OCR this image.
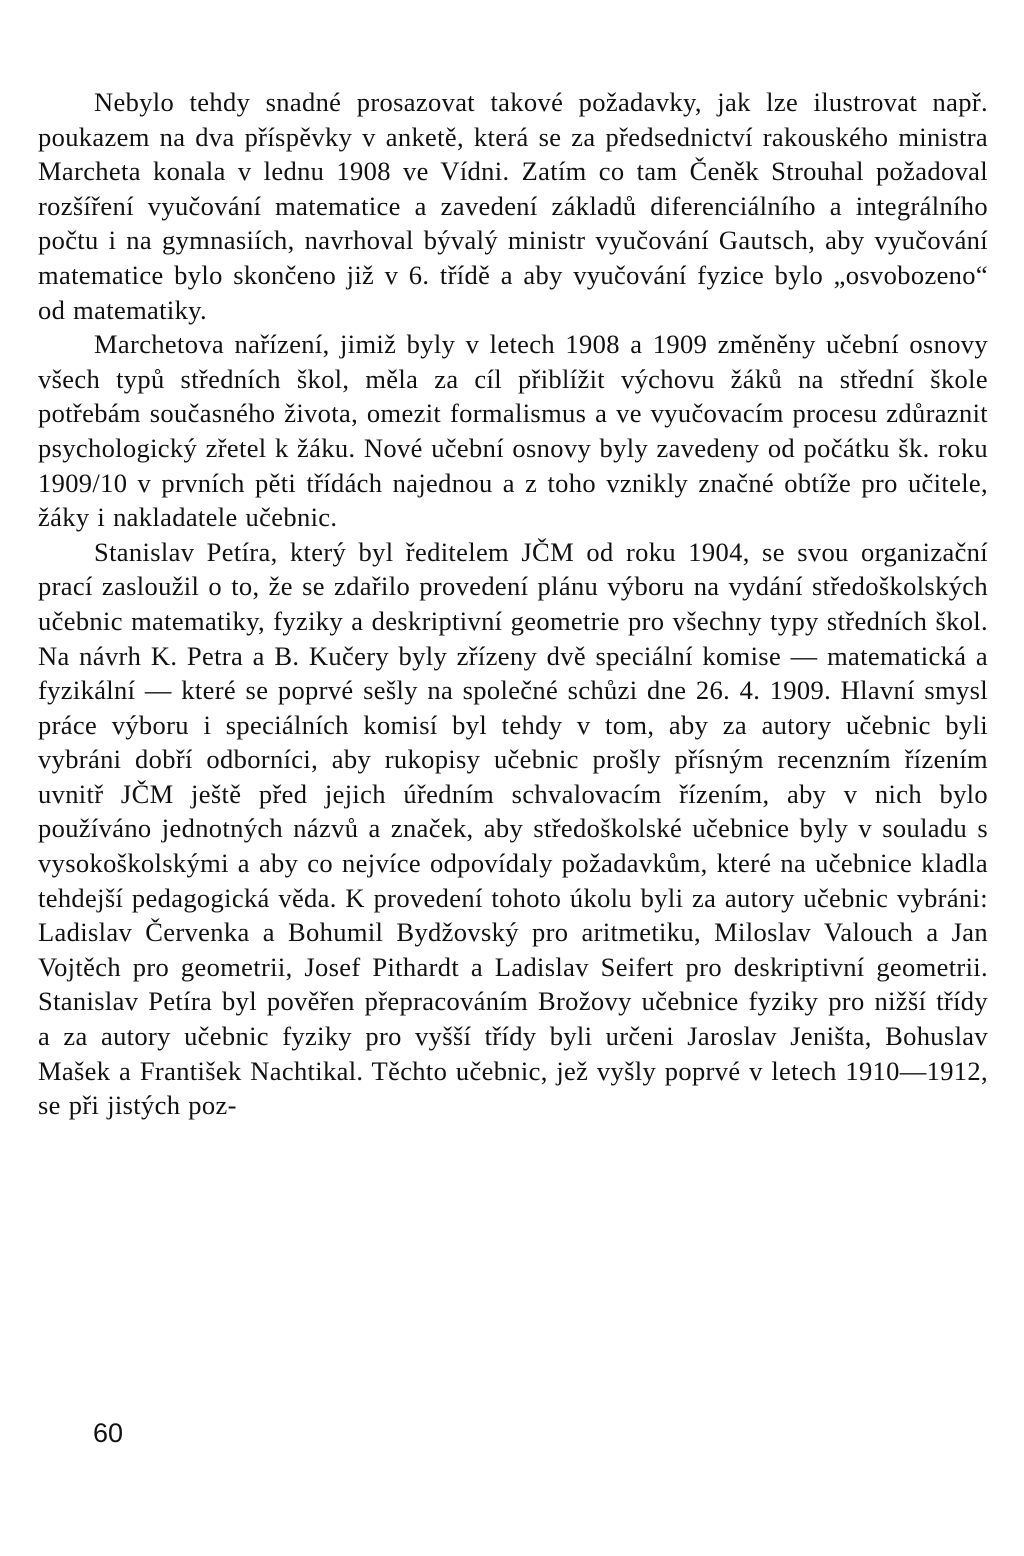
Nebylo tehdy snadné prosazovat takové požadavky, jak lze ilustrovat např. poukazem na dva příspěvky v anketě, která se za předsednictví rakouského ministra Marcheta konala v lednu 1908 ve Vídni. Zatím co tam Čeněk Strouhal požadoval rozšíření vyučování matematice a zavedení základů diferenciálního a integrálního počtu i na gymnasiích, navrhoval bývalý ministr vyučování Gautsch, aby vyučování matematice bylo skončeno již v 6. třídě a aby vyučování fyzice bylo „osvobozeno“ od matematiky.

Marchetova nařízení, jimiž byly v letech 1908 a 1909 změněny učební osnovy všech typů středních škol, měla za cíl přiblížit výchovu žáků na střední škole potřebám současného života, omezit formalismus a ve vyučovacím procesu zdůraznit psychologický zřetel k žáku. Nové učební osnovy byly zavedeny od počátku šk. roku 1909/10 v prvních pěti třídách najednou a z toho vznikly značné obtíže pro učitele, žáky i nakladatele učebnic.

Stanislav Petíra, který byl ředitelem JČM od roku 1904, se svou organizační prací zasloužil o to, že se zdařilo provedení plánu výboru na vydání středoškolských učebnic matematiky, fyziky a deskriptivní geometrie pro všechny typy středních škol. Na návrh K. Petra a B. Kučery byly zřízeny dvě speciální komise — matematická a fyzikální — které se poprvé sešly na společné schůzi dne 26. 4. 1909. Hlavní smysl práce výboru i speciálních komisí byl tehdy v tom, aby za autory učebnic byli vybráni dobří odborníci, aby rukopisy učebnic prošly přísným recenzním řízením uvnitř JČM ještě před jejich úředním schvalovacím řízením, aby v nich bylo používáno jednotných názvů a značek, aby středoškolské učebnice byly v souladu s vysokoškolskými a aby co nejvíce odpovídaly požadavkům, které na učebnice kladla tehdejší pedagogická věda. K provedení tohoto úkolu byli za autory učebnic vybráni: Ladislav Červenka a Bohumil Bydžovský pro aritmetiku, Miloslav Valouch a Jan Vojtěch pro geometrii, Josef Pithardt a Ladislav Seifert pro deskriptivní geometrii. Stanislav Petíra byl pověřen přepracováním Brožovy učebnice fyziky pro nižší třídy a za autory učebnic fyziky pro vyšší třídy byli určeni Jaroslav Jeništa, Bohuslav Mašek a František Nachtikal. Těchto učebnic, jež vyšly poprvé v letech 1910—1912, se při jistých poz-

60
